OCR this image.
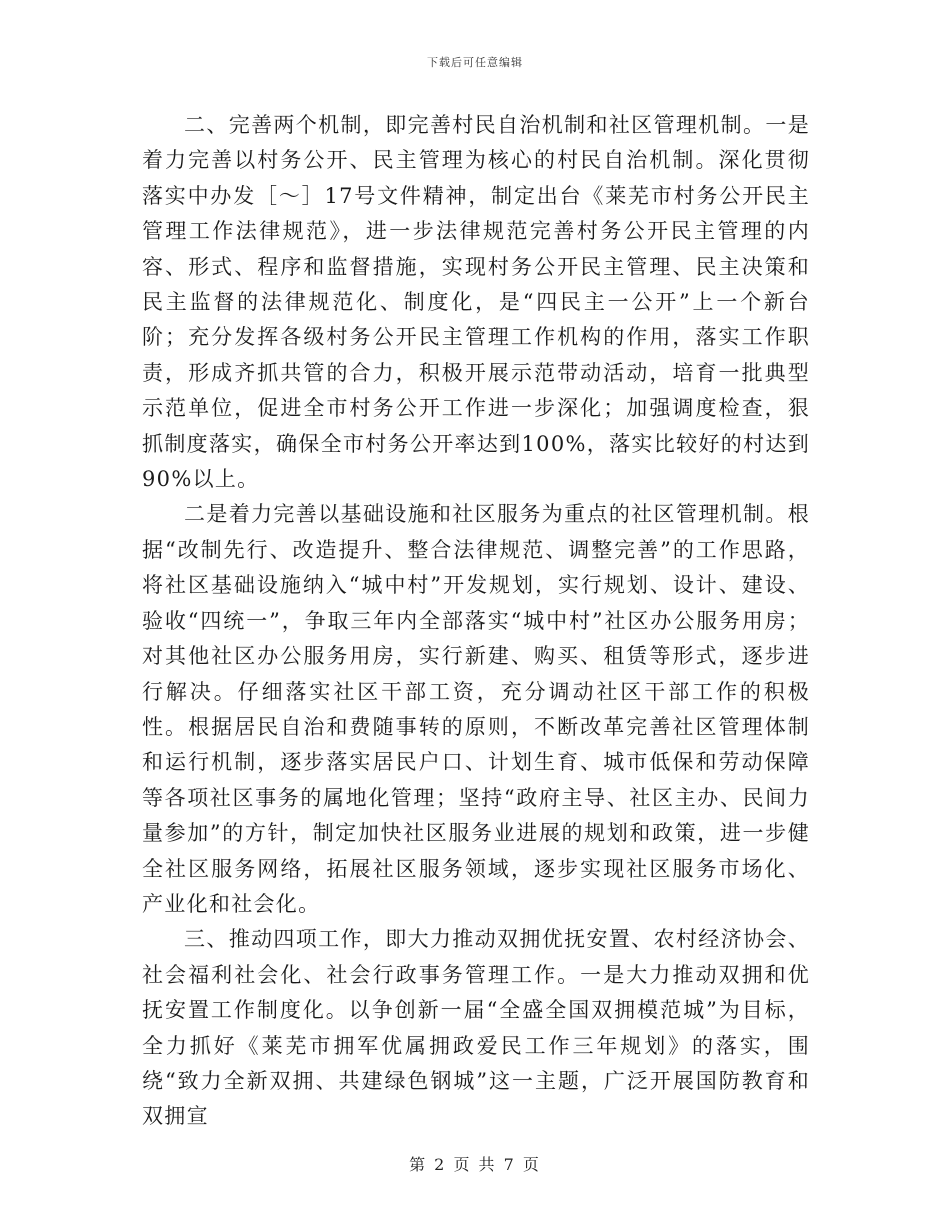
下载后可任意编辑

二、完善两个机制，即完善村民自治机制和社区管理机制。一是着力完善以村务公开、民主管理为核心的村民自治机制。深化贯彻落实中办发［～］17号文件精神，制定出台《莱芜市村务公开民主管理工作法律规范》，进一步法律规范完善村务公开民主管理的内容、形式、程序和监督措施，实现村务公开民主管理、民主决策和民主监督的法律规范化、制度化，是“四民主一公开”上一个新台阶；充分发挥各级村务公开民主管理工作机构的作用，落实工作职责，形成齐抓共管的合力，积极开展示范带动活动，培育一批典型示范单位，促进全市村务公开工作进一步深化；加强调度检查，狠抓制度落实，确保全市村务公开率达到100%，落实比较好的村达到90%以上。

二是着力完善以基础设施和社区服务为重点的社区管理机制。根据“改制先行、改造提升、整合法律规范、调整完善”的工作思路，将社区基础设施纳入“城中村”开发规划，实行规划、设计、建设、验收“四统一”，争取三年内全部落实“城中村”社区办公服务用房；对其他社区办公服务用房，实行新建、购买、租赁等形式，逐步进行解决。仔细落实社区干部工资，充分调动社区干部工作的积极性。根据居民自治和费随事转的原则，不断改革完善社区管理体制和运行机制，逐步落实居民户口、计划生育、城市低保和劳动保障等各项社区事务的属地化管理；坚持“政府主导、社区主办、民间力量参加”的方针，制定加快社区服务业进展的规划和政策，进一步健全社区服务网络，拓展社区服务领域，逐步实现社区服务市场化、产业化和社会化。

三、推动四项工作，即大力推动双拥优抚安置、农村经济协会、社会福利社会化、社会行政事务管理工作。一是大力推动双拥和优抚安置工作制度化。以争创新一届“全盛全国双拥模范城”为目标，全力抓好《莱芜市拥军优属拥政爱民工作三年规划》的落实，围绕“致力全新双拥、共建绿色钢城”这一主题，广泛开展国防教育和双拥宣

第 2 页 共 7 页
